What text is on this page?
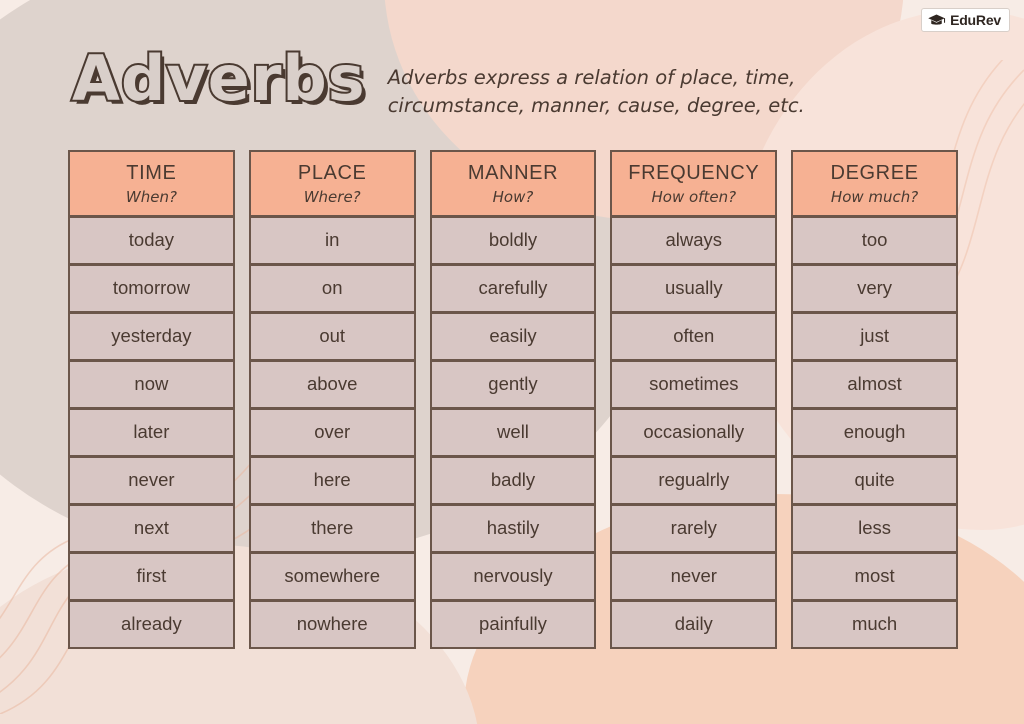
EduRev
Adverbs Adverbs express a relation of place, time, circumstance, manner, cause, degree, etc.
TIME
When?
today
tomorrow
yesterday
now
later
never
next
first
already
PLACE
Where?
in
on
out
above
over
here
there
somewhere
nowhere
MANNER
How?
boldly
carefully
easily
gently
well
badly
hastily
nervously
painfully
FREQUENCY
How often?
always
usually
often
sometimes
occasionally
regualrly
rarely
never
daily
DEGREE
How much?
too
very
just
almost
enough
quite
less
most
much
